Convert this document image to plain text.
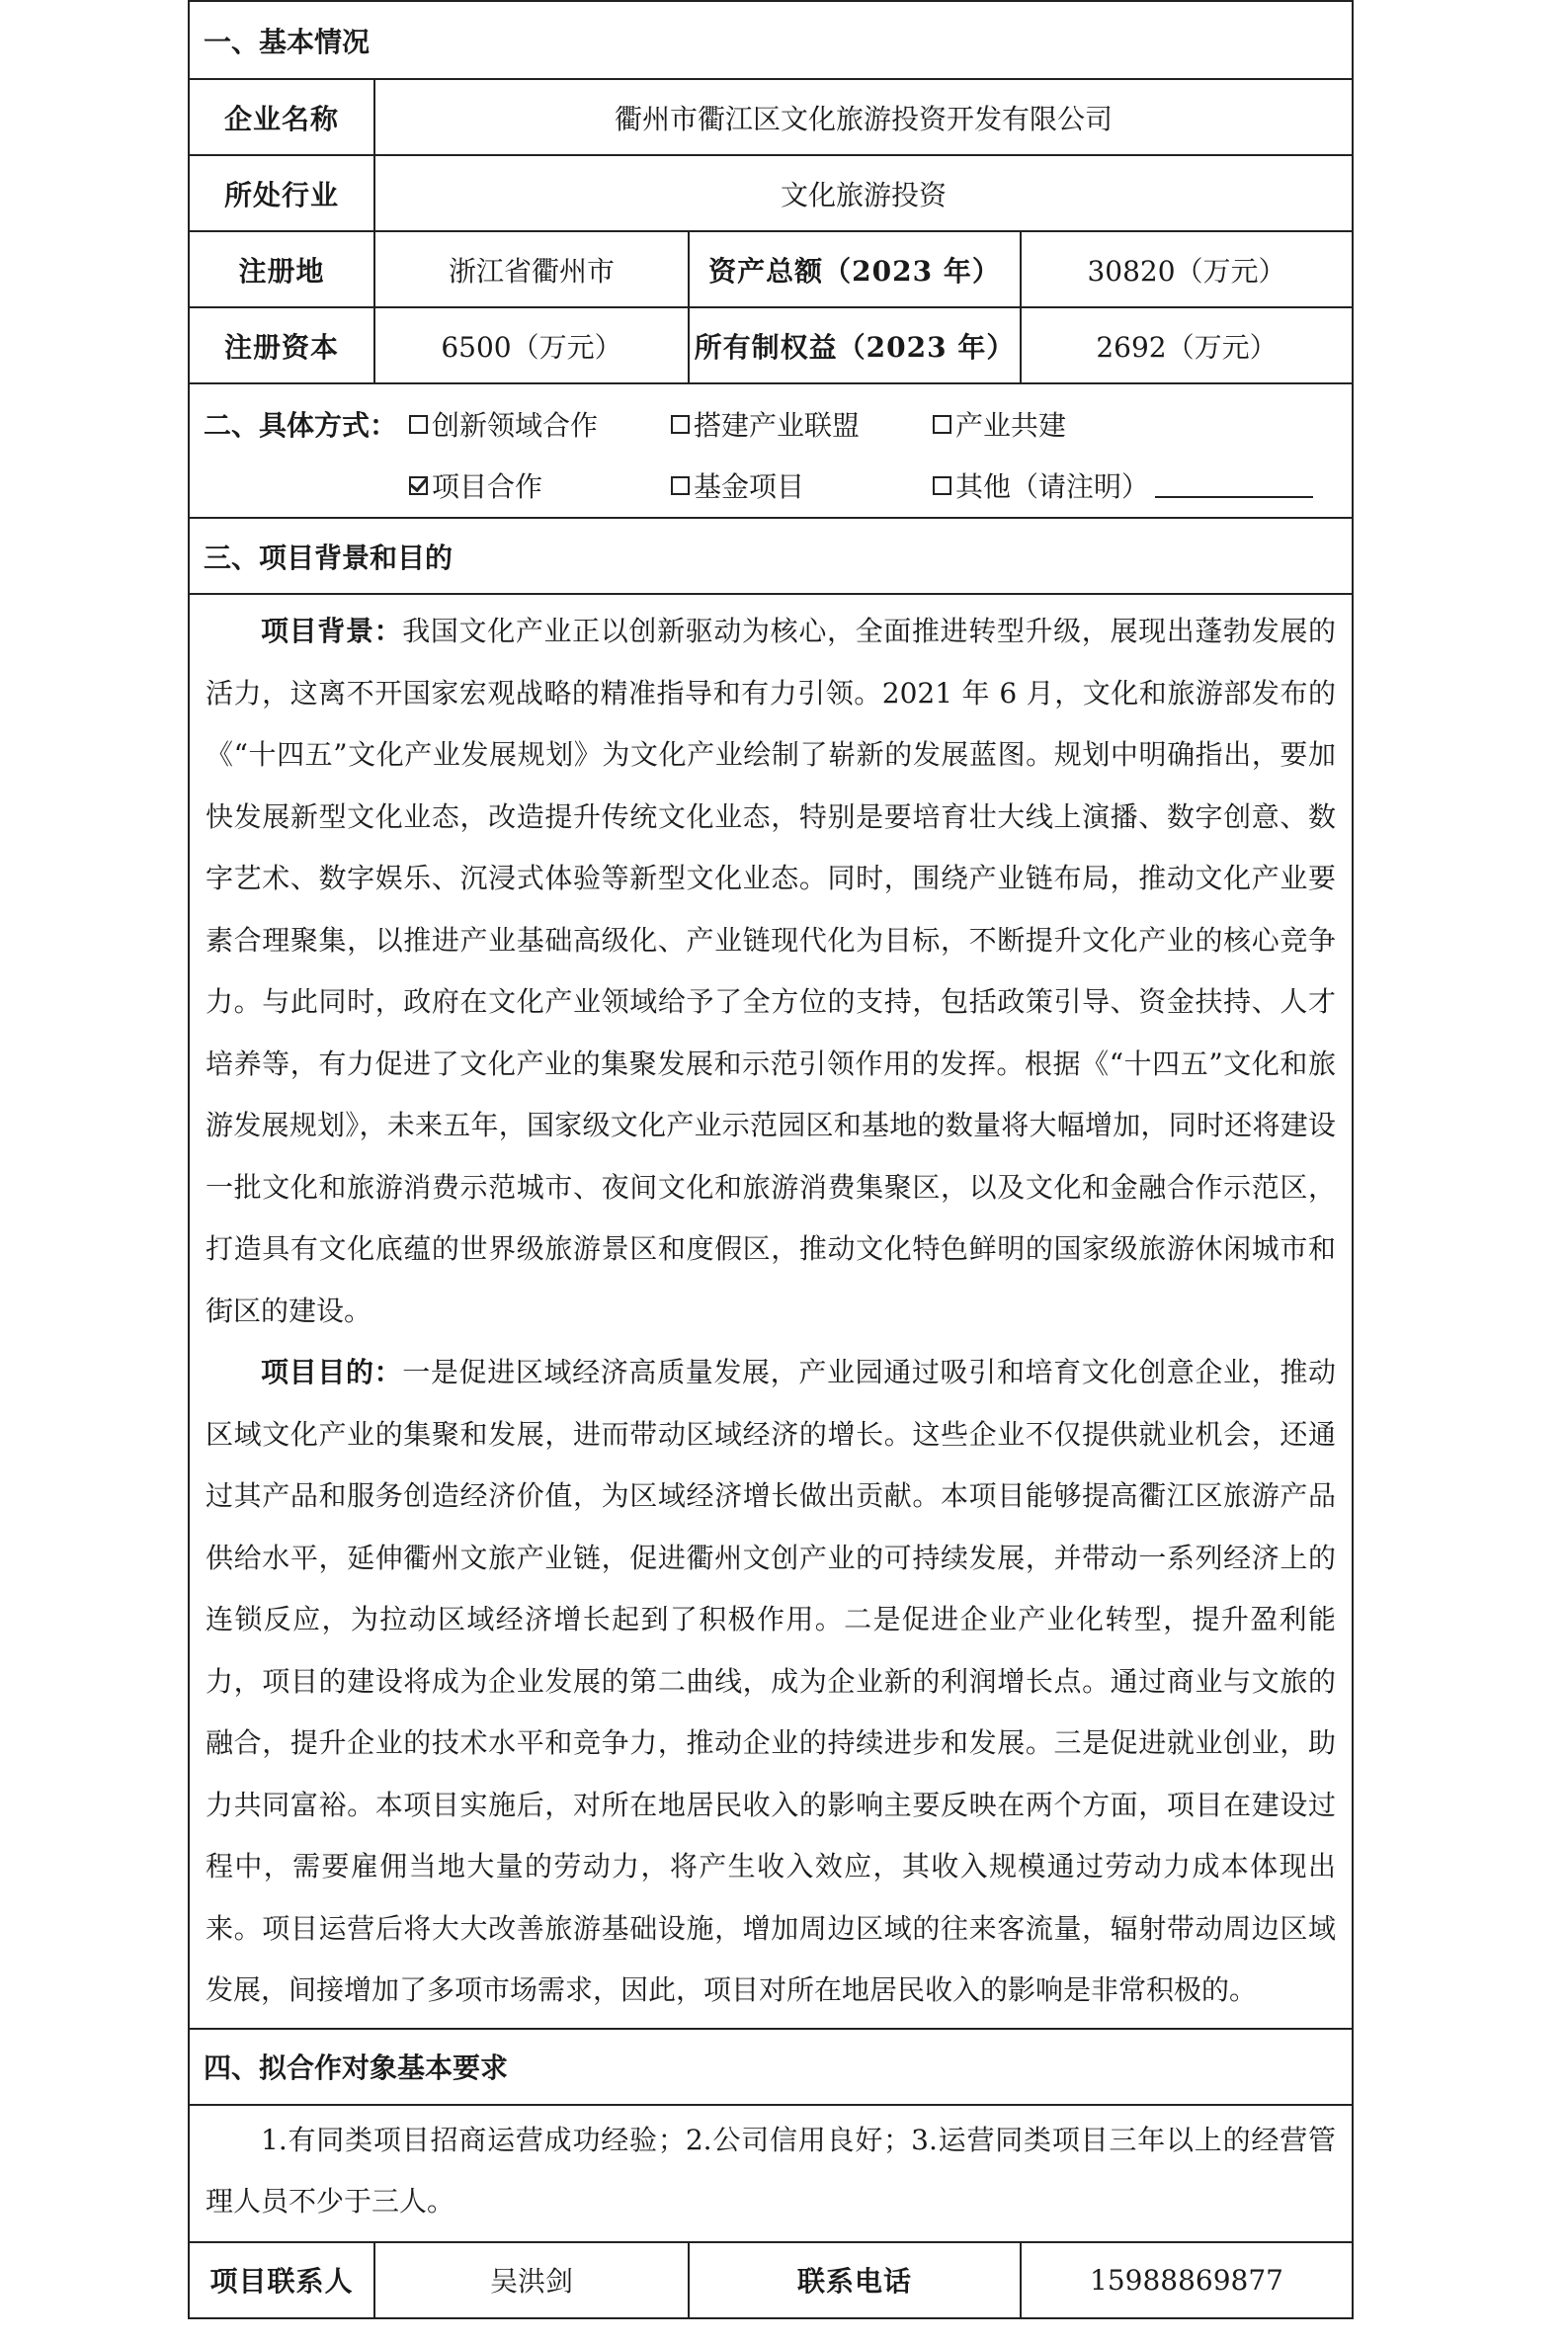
一、基本情况
企业名称	衢州市衢江区文化旅游投资开发有限公司
所处行业	文化旅游投资
注册地	浙江省衢州市	资产总额（2023 年）	30820（万元）
注册资本	6500（万元）	所有制权益（2023 年）	2692（万元）
二、具体方式： 创新领域合作	搭建产业联盟	产业共建
项目合作	基金项目	其他（请注明）
三、项目背景和目的

项目背景：我国文化产业正以创新驱动为核心，全面推进转型升级，展现出蓬勃发展的活力，这离不开国家宏观战略的精准指导和有力引领。2021 年 6 月，文化和旅游部发布的《“十四五”文化产业发展规划》为文化产业绘制了崭新的发展蓝图。规划中明确指出，要加快发展新型文化业态，改造提升传统文化业态，特别是要培育壮大线上演播、数字创意、数字艺术、数字娱乐、沉浸式体验等新型文化业态。同时，围绕产业链布局，推动文化产业要素合理聚集，以推进产业基础高级化、产业链现代化为目标，不断提升文化产业的核心竞争力。与此同时，政府在文化产业领域给予了全方位的支持，包括政策引导、资金扶持、人才培养等，有力促进了文化产业的集聚发展和示范引领作用的发挥。根据《“十四五”文化和旅游发展规划》，未来五年，国家级文化产业示范园区和基地的数量将大幅增加，同时还将建设一批文化和旅游消费示范城市、夜间文化和旅游消费集聚区，以及文化和金融合作示范区，打造具有文化底蕴的世界级旅游景区和度假区，推动文化特色鲜明的国家级旅游休闲城市和街区的建设。

项目目的：一是促进区域经济高质量发展，产业园通过吸引和培育文化创意企业，推动区域文化产业的集聚和发展，进而带动区域经济的增长。这些企业不仅提供就业机会，还通过其产品和服务创造经济价值，为区域经济增长做出贡献。本项目能够提高衢江区旅游产品供给水平，延伸衢州文旅产业链，促进衢州文创产业的可持续发展，并带动一系列经济上的连锁反应，为拉动区域经济增长起到了积极作用。二是促进企业产业化转型，提升盈利能力，项目的建设将成为企业发展的第二曲线，成为企业新的利润增长点。通过商业与文旅的融合，提升企业的技术水平和竞争力，推动企业的持续进步和发展。三是促进就业创业，助力共同富裕。本项目实施后，对所在地居民收入的影响主要反映在两个方面，项目在建设过程中，需要雇佣当地大量的劳动力，将产生收入效应，其收入规模通过劳动力成本体现出来。项目运营后将大大改善旅游基础设施，增加周边区域的往来客流量，辐射带动周边区域发展，间接增加了多项市场需求，因此，项目对所在地居民收入的影响是非常积极的。

四、拟合作对象基本要求

1.有同类项目招商运营成功经验；2.公司信用良好；3.运营同类项目三年以上的经营管理人员不少于三人。

项目联系人	吴洪剑	联系电话	15988869877
